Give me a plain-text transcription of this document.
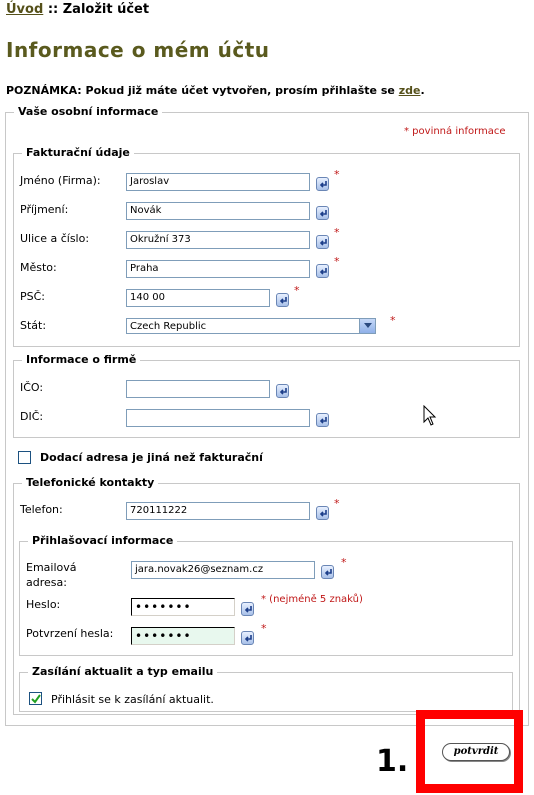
Úvod :: Založit účet
Informace o mém účtu
POZNÁMKA: Pokud již máte účet vytvořen, prosím přihlašte se zde.
Vaše osobní informace
* povinná informace
Fakturační údaje
Jméno (Firma):	Jaroslav
*
Příjmení:	Novák
Ulice a číslo:	Okružní 373
*
Město:	Praha
*
PSČ:	140 00
*
Stát:	Czech Republic	*
Informace o firmě
IČO:
DIČ:
Dodací adresa je jiná než fakturační
Telefonické kontakty
Telefon:	720111222
*
Přihlašovací informace
Emailová
adresa:
jara.novak26@seznam.cz
*
Heslo:	•••••••
* (nejméně 5 znaků)
Potvrzení hesla:	•••••••
*
Zasílání aktualit a typ emailu
Přihlásit se k zasílání aktualit.
potvrdit
1.
